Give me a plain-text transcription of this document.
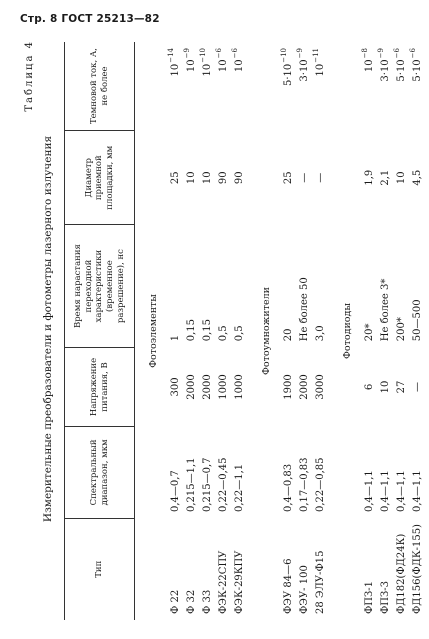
Стр. 8 ГОСТ 25213—82
Таблица 4
Измерительные преобразователи и фотометры лазерного излучения
Тип	Спектральный диапазон, мкм	Напряжение питания, В	Время нарастания переходной характеристики (временное разрешение), нс	Диаметр приемной площадки, мм	Темновой ток, А, не более
Фотоэлементы					
Ф 22	0,4—0,7	300	1	25	$10^{-14}$
Ф 32	0,215—1,1	2000	0,15	10	$10^{-9}$
Ф 33	0,215—0,7	2000	0,15	10	$10^{-10}$
ФЭК-22СПУ	0,22—0,45	1000	0,5	90	$10^{-6}$
ФЭК-29КПУ	0,22—1,1	1000	0,5	90	$10^{-6}$
Фотоумножители					
ФЭУ 84—6	0,4—0,83	1900	20	25	$5\cdot 10^{-10}$
ФЭУ- 100	0,17—0,83	2000	Не более 50	—	$3\cdot 10^{-9}$
28 ЭЛУ-Ф15	0,22—0,85	3000	3,0	—	$10^{-11}$
Фотодиоды					
ФПЗ-1	0,4—1,1	6	20*	1,9	$10^{-8}$
ФПЗ-3	0,4—1,1	10	Не более 3*	2,1	$3\cdot 10^{-9}$
ФД182(ФД24К)	0,4—1,1	27	200*	10	$5\cdot 10^{-6}$
ФД156(ФДК-155)	0,4—1,1	—	50—500	4,5	$5\cdot 10^{-6}$
